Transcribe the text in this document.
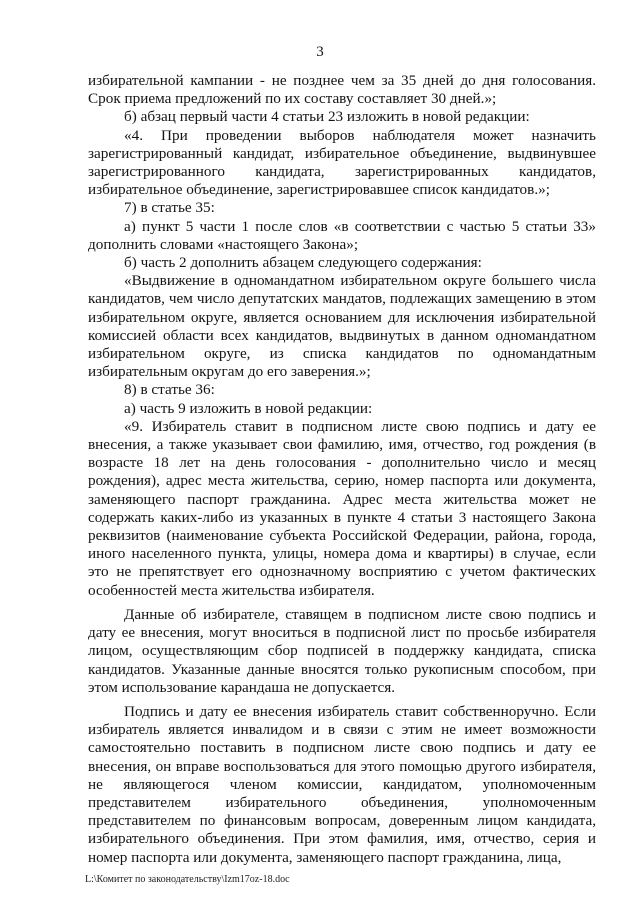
3

избирательной кампании - не позднее чем за 35 дней до дня голосования. Срок приема предложений по их составу составляет 30 дней.»;

б) абзац первый части 4 статьи 23 изложить в новой редакции:

«4. При проведении выборов наблюдателя может назначить зарегистрированный кандидат, избирательное объединение, выдвинувшее зарегистрированного кандидата, зарегистрированных кандидатов, избирательное объединение, зарегистрировавшее список кандидатов.»;

7) в статье 35:

а) пункт 5 части 1 после слов «в соответствии с частью 5 статьи 33» дополнить словами «настоящего Закона»;

б) часть 2 дополнить абзацем следующего содержания:

«Выдвижение в одномандатном избирательном округе большего числа кандидатов, чем число депутатских мандатов, подлежащих замещению в этом избирательном округе, является основанием для исключения избирательной комиссией области всех кандидатов, выдвинутых в данном одномандатном избирательном округе, из списка кандидатов по одномандатным избирательным округам до его заверения.»;

8) в статье 36:

а) часть 9 изложить в новой редакции:

«9. Избиратель ставит в подписном листе свою подпись и дату ее внесения, а также указывает свои фамилию, имя, отчество, год рождения (в возрасте 18 лет на день голосования - дополнительно число и месяц рождения), адрес места жительства, серию, номер паспорта или документа, заменяющего паспорт гражданина. Адрес места жительства может не содержать каких-либо из указанных в пункте 4 статьи 3 настоящего Закона реквизитов (наименование субъекта Российской Федерации, района, города, иного населенного пункта, улицы, номера дома и квартиры) в случае, если это не препятствует его однозначному восприятию с учетом фактических особенностей места жительства избирателя.

Данные об избирателе, ставящем в подписном листе свою подпись и дату ее внесения, могут вноситься в подписной лист по просьбе избирателя лицом, осуществляющим сбор подписей в поддержку кандидата, списка кандидатов. Указанные данные вносятся только рукописным способом, при этом использование карандаша не допускается.

Подпись и дату ее внесения избиратель ставит собственноручно. Если избиратель является инвалидом и в связи с этим не имеет возможности самостоятельно поставить в подписном листе свою подпись и дату ее внесения, он вправе воспользоваться для этого помощью другого избирателя, не являющегося членом комиссии, кандидатом, уполномоченным представителем избирательного объединения, уполномоченным представителем по финансовым вопросам, доверенным лицом кандидата, избирательного объединения. При этом фамилия, имя, отчество, серия и номер паспорта или документа, заменяющего паспорт гражданина, лица,

L:\Комитет по законодательству\Izm17oz-18.doc
